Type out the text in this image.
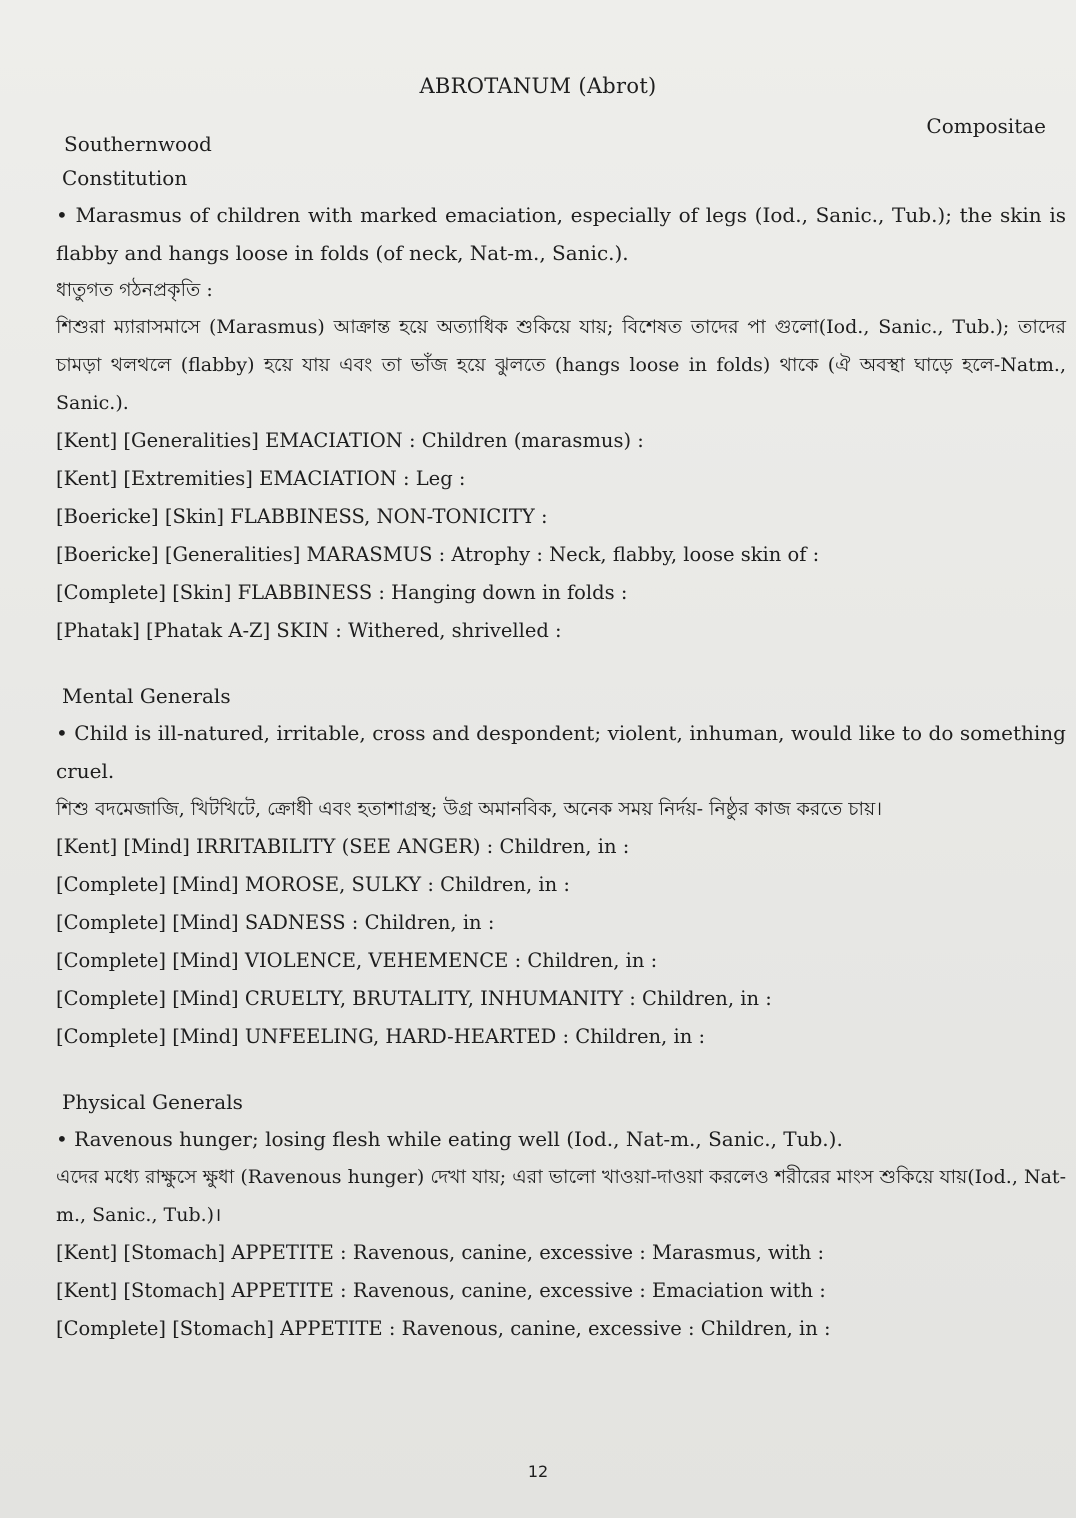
ABROTANUM (Abrot)
Compositae
Southernwood
Constitution

• Marasmus of children with marked emaciation, especially of legs (Iod., Sanic., Tub.); the skin is flabby and hangs loose in folds (of neck, Nat-m., Sanic.).

ধাতুগত গঠনপ্রকৃতি :

শিশুরা ম্যারাসমাসে (Marasmus) আক্রান্ত হয়ে অত্যাধিক শুকিয়ে যায়; বিশেষত তাদের পা গুলো(Iod., Sanic., Tub.); তাদের চামড়া থলথলে (flabby) হয়ে যায় এবং তা ভাঁজ হয়ে ঝুলতে (hangs loose in folds) থাকে (ঐ অবস্থা ঘাড়ে হলে-Natm., Sanic.).

[Kent] [Generalities] EMACIATION : Children (marasmus) :

[Kent] [Extremities] EMACIATION : Leg :

[Boericke] [Skin] FLABBINESS, NON-TONICITY :

[Boericke] [Generalities] MARASMUS : Atrophy : Neck, flabby, loose skin of :

[Complete] [Skin] FLABBINESS : Hanging down in folds :

[Phatak] [Phatak A-Z] SKIN : Withered, shrivelled :

Mental Generals

• Child is ill-natured, irritable, cross and despondent; violent, inhuman, would like to do something cruel.

শিশু বদমেজাজি, খিটখিটে, ক্রোধী এবং হতাশাগ্রস্থ; উগ্র অমানবিক, অনেক সময় নির্দয়- নিষ্ঠুর কাজ করতে চায়।

[Kent] [Mind] IRRITABILITY (SEE ANGER) : Children, in :

[Complete] [Mind] MOROSE, SULKY : Children, in :

[Complete] [Mind] SADNESS : Children, in :

[Complete] [Mind] VIOLENCE, VEHEMENCE : Children, in :

[Complete] [Mind] CRUELTY, BRUTALITY, INHUMANITY : Children, in :

[Complete] [Mind] UNFEELING, HARD-HEARTED : Children, in :

Physical Generals

• Ravenous hunger; losing flesh while eating well (Iod., Nat-m., Sanic., Tub.).

এদের মধ্যে রাক্ষুসে ক্ষুধা (Ravenous hunger) দেখা যায়; এরা ভালো খাওয়া-দাওয়া করলেও শরীরের মাংস শুকিয়ে যায়(Iod., Nat-m., Sanic., Tub.)।

[Kent] [Stomach] APPETITE : Ravenous, canine, excessive : Marasmus, with :

[Kent] [Stomach] APPETITE : Ravenous, canine, excessive : Emaciation with :

[Complete] [Stomach] APPETITE : Ravenous, canine, excessive : Children, in :

12
